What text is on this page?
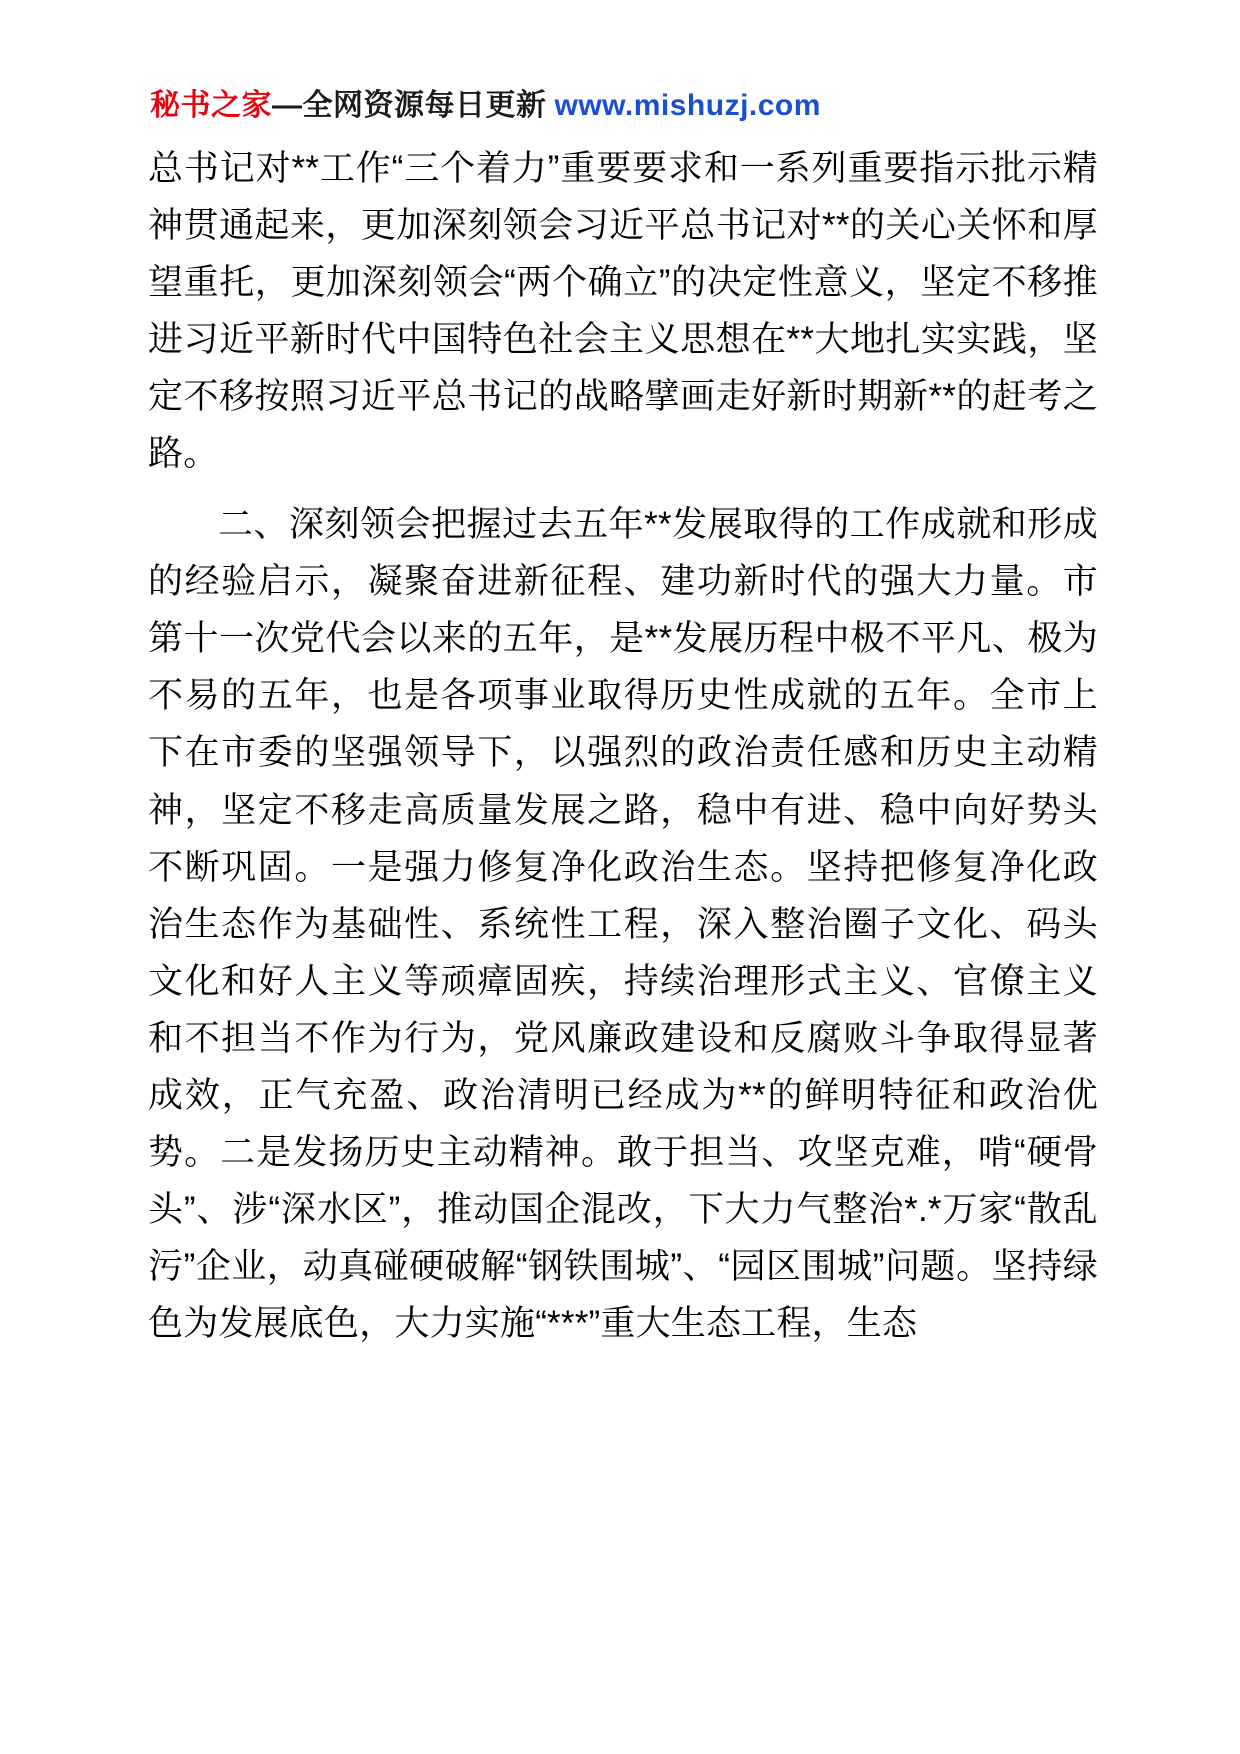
秘书之家—全网资源每日更新 www.mishuzj.com

总书记对**工作“三个着力”重要要求和一系列重要指示批示精神贯通起来，更加深刻领会习近平总书记对**的关心关怀和厚望重托，更加深刻领会“两个确立”的决定性意义，坚定不移推进习近平新时代中国特色社会主义思想在**大地扎实实践，坚定不移按照习近平总书记的战略擘画走好新时期新**的赶考之路。

二、深刻领会把握过去五年**发展取得的工作成就和形成的经验启示，凝聚奋进新征程、建功新时代的强大力量。市第十一次党代会以来的五年，是**发展历程中极不平凡、极为不易的五年，也是各项事业取得历史性成就的五年。全市上下在市委的坚强领导下，以强烈的政治责任感和历史主动精神，坚定不移走高质量发展之路，稳中有进、稳中向好势头不断巩固。一是强力修复净化政治生态。坚持把修复净化政治生态作为基础性、系统性工程，深入整治圈子文化、码头文化和好人主义等顽瘴固疾，持续治理形式主义、官僚主义和不担当不作为行为，党风廉政建设和反腐败斗争取得显著成效，正气充盈、政治清明已经成为**的鲜明特征和政治优势。二是发扬历史主动精神。敢于担当、攻坚克难，啃“硬骨头”、涉“深水区”，推动国企混改，下大力气整治*.*万家“散乱污”企业，动真碰硬破解“钢铁围城”、“园区围城”问题。坚持绿色为发展底色，大力实施“***”重大生态工程，生态
